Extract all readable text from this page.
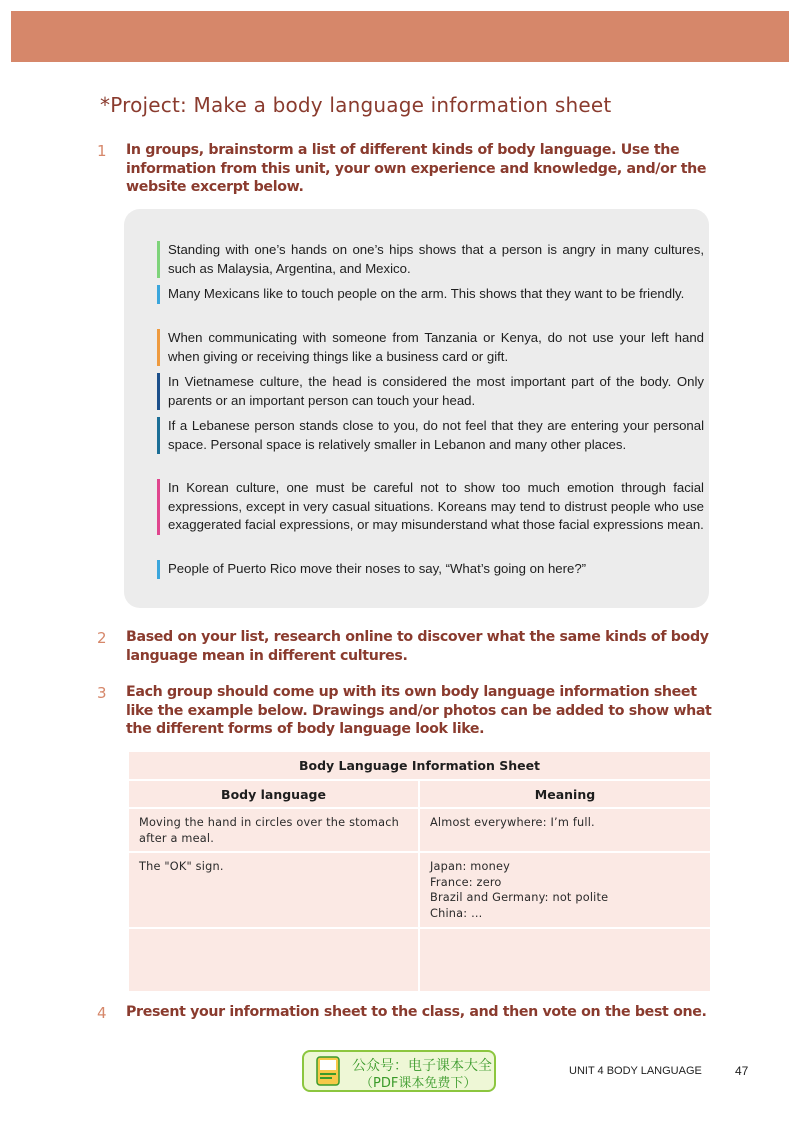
*Project: Make a body language information sheet
1 In groups, brainstorm a list of different kinds of body language. Use the information from this unit, your own experience and knowledge, and/or the website excerpt below.
Standing with one’s hands on one’s hips shows that a person is angry in many cultures, such as Malaysia, Argentina, and Mexico.
Many Mexicans like to touch people on the arm. This shows that they want to be friendly.
When communicating with someone from Tanzania or Kenya, do not use your left hand when giving or receiving things like a business card or gift.
In Vietnamese culture, the head is considered the most important part of the body. Only parents or an important person can touch your head.
If a Lebanese person stands close to you, do not feel that they are entering your personal space. Personal space is relatively smaller in Lebanon and many other places.
In Korean culture, one must be careful not to show too much emotion through facial expressions, except in very casual situations. Koreans may tend to distrust people who use exaggerated facial expressions, or may misunderstand what those facial expressions mean.
People of Puerto Rico move their noses to say, “What’s going on here?”
2 Based on your list, research online to discover what the same kinds of body language mean in different cultures.
3 Each group should come up with its own body language information sheet like the example below. Drawings and/or photos can be added to show what the different forms of body language look like.
Body Language Information Sheet	
Body language	Meaning
Moving the hand in circles over the stomach after a meal.	Almost everywhere: I’m full.
The "OK" sign.	Japan: money
France: zero
Brazil and Germany: not polite
China: ...

4 Present your information sheet to the class, and then vote on the best one.
公众号：电子课本大全
（PDF课本免费下）
UNIT 4 BODY LANGUAGE	47
